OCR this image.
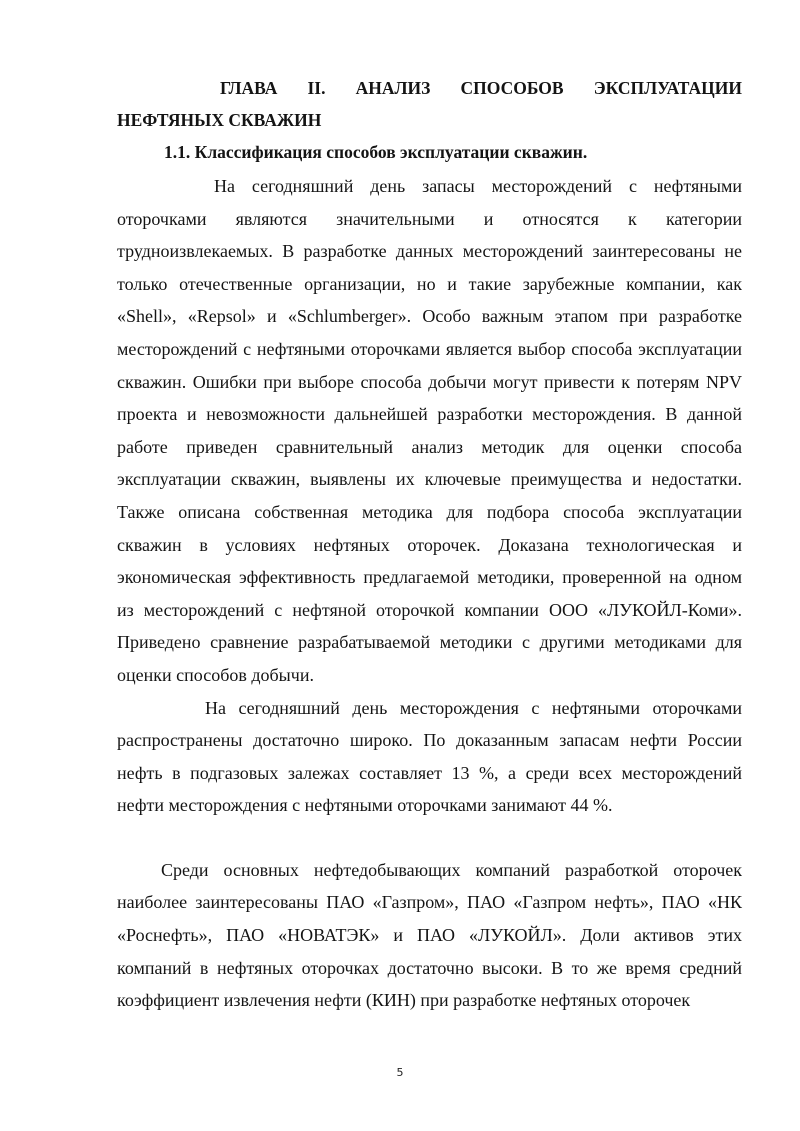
ГЛАВА II. АНАЛИЗ СПОСОБОВ ЭКСПЛУАТАЦИИ НЕФТЯНЫХ СКВАЖИН
1.1. Классификация способов эксплуатации скважин.

На сегодняшний день запасы месторождений с нефтяными оторочками являются значительными и относятся к категории трудноизвлекаемых. В разработке данных месторождений заинтересованы не только отечественные организации, но и такие зарубежные компании, как «Shell», «Repsol» и «Schlumberger». Особо важным этапом при разработке месторождений с нефтяными оторочками является выбор способа эксплуатации скважин. Ошибки при выборе способа добычи могут привести к потерям NPV проекта и невозможности дальнейшей разработки месторождения. В данной работе приведен сравнительный анализ методик для оценки способа эксплуатации скважин, выявлены их ключевые преимущества и недостатки. Также описана собственная методика для подбора способа эксплуатации скважин в условиях нефтяных оторочек. Доказана технологическая и экономическая эффективность предлагаемой методики, проверенной на одном из месторождений с нефтяной оторочкой компании ООО «ЛУКОЙЛ-Коми». Приведено сравнение разрабатываемой методики с другими методиками для оценки способов добычи.

На сегодняшний день месторождения с нефтяными оторочками распространены достаточно широко. По доказанным запасам нефти России нефть в подгазовых залежах составляет 13 %, а среди всех месторождений нефти месторождения с нефтяными оторочками занимают 44 %.

Среди основных нефтедобывающих компаний разработкой оторочек наиболее заинтересованы ПАО «Газпром», ПАО «Газпром нефть», ПАО «НК «Роснефть», ПАО «НОВАТЭК» и ПАО «ЛУКОЙЛ». Доли активов этих компаний в нефтяных оторочках достаточно высоки. В то же время средний коэффициент извлечения нефти (КИН) при разработке нефтяных оторочек

5
